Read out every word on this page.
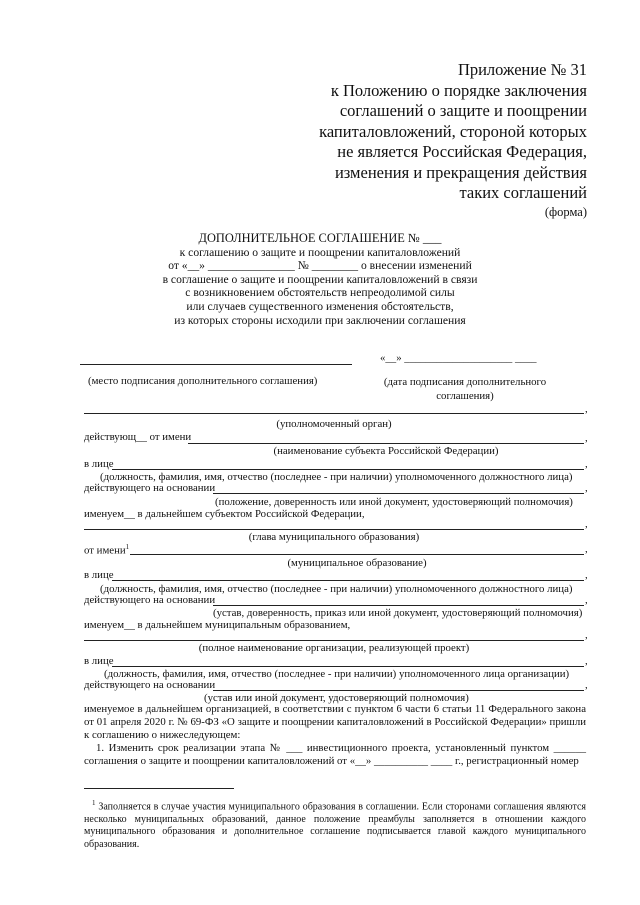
Приложение № 31
к Положению о порядке заключения
соглашений о защите и поощрении
капиталовложений, стороной которых
не является Российская Федерация,
изменения и прекращения действия
таких соглашений
(форма)
ДОПОЛНИТЕЛЬНОЕ СОГЛАШЕНИЕ № ___
к соглашению о защите и поощрении капиталовложений
от «__» _______________ № ________ о внесении изменений
в соглашение о защите и поощрении капиталовложений в связи
с возникновением обстоятельств непреодолимой силы
или случаев существенного изменения обстоятельств,
из которых стороны исходили при заключении соглашения
«__» ____________________ ____
(место подписания дополнительного соглашения)	(дата подписания дополнительного
соглашения)
,
(уполномоченный орган)
действующ__ от имени	,
(наименование субъекта Российской Федерации)
в лице	,
(должность, фамилия, имя, отчество (последнее - при наличии) уполномоченного должностного лица)
действующего на основании	,
(положение, доверенность или иной документ, удостоверяющий полномочия)
именуем__ в дальнейшем субъектом Российской Федерации,
,
(глава муниципального образования)
от имени$^1$	,
(муниципальное образование)
в лице	,
(должность, фамилия, имя, отчество (последнее - при наличии) уполномоченного должностного лица)
действующего на основании	,
(устав, доверенность, приказ или иной документ, удостоверяющий полномочия)
именуем__ в дальнейшем муниципальным образованием,
,
(полное наименование организации, реализующей проект)
в лице	,
(должность, фамилия, имя, отчество (последнее - при наличии) уполномоченного лица организации)
действующего на основании	,
(устав или иной документ, удостоверяющий полномочия)
именуемое в дальнейшем организацией, в соответствии с пунктом 6 части 6 статьи 11 Федерального закона от 01 апреля 2020 г. № 69-ФЗ «О защите и поощрении капиталовложений в Российской Федерации» пришли к соглашению о нижеследующем:
1. Изменить срок реализации этапа № ___ инвестиционного проекта, установленный пунктом ______ соглашения о защите и поощрении капиталовложений от «__» __________ ____ г., регистрационный номер
$^1$ Заполняется в случае участия муниципального образования в соглашении. Если сторонами соглашения являются несколько муниципальных образований, данное положение преамбулы заполняется в отношении каждого муниципального образования и дополнительное соглашение подписывается главой каждого муниципального образования.
